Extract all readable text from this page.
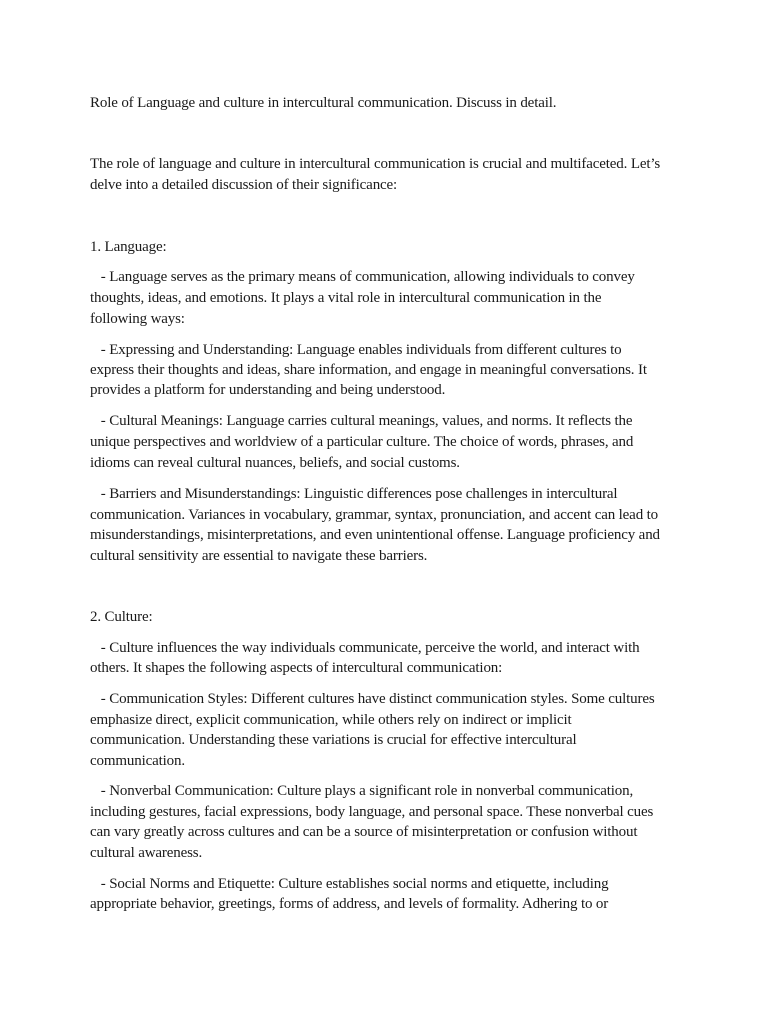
Role of Language and culture in intercultural communication. Discuss in detail.
The role of language and culture in intercultural communication is crucial and multifaceted. Let’s
delve into a detailed discussion of their significance:
1. Language:
- Language serves as the primary means of communication, allowing individuals to convey
thoughts, ideas, and emotions. It plays a vital role in intercultural communication in the
following ways:
- Expressing and Understanding: Language enables individuals from different cultures to
express their thoughts and ideas, share information, and engage in meaningful conversations. It
provides a platform for understanding and being understood.
- Cultural Meanings: Language carries cultural meanings, values, and norms. It reflects the
unique perspectives and worldview of a particular culture. The choice of words, phrases, and
idioms can reveal cultural nuances, beliefs, and social customs.
- Barriers and Misunderstandings: Linguistic differences pose challenges in intercultural
communication. Variances in vocabulary, grammar, syntax, pronunciation, and accent can lead to
misunderstandings, misinterpretations, and even unintentional offense. Language proficiency and
cultural sensitivity are essential to navigate these barriers.
2. Culture:
- Culture influences the way individuals communicate, perceive the world, and interact with
others. It shapes the following aspects of intercultural communication:
- Communication Styles: Different cultures have distinct communication styles. Some cultures
emphasize direct, explicit communication, while others rely on indirect or implicit
communication. Understanding these variations is crucial for effective intercultural
communication.
- Nonverbal Communication: Culture plays a significant role in nonverbal communication,
including gestures, facial expressions, body language, and personal space. These nonverbal cues
can vary greatly across cultures and can be a source of misinterpretation or confusion without
cultural awareness.
- Social Norms and Etiquette: Culture establishes social norms and etiquette, including
appropriate behavior, greetings, forms of address, and levels of formality. Adhering to or
